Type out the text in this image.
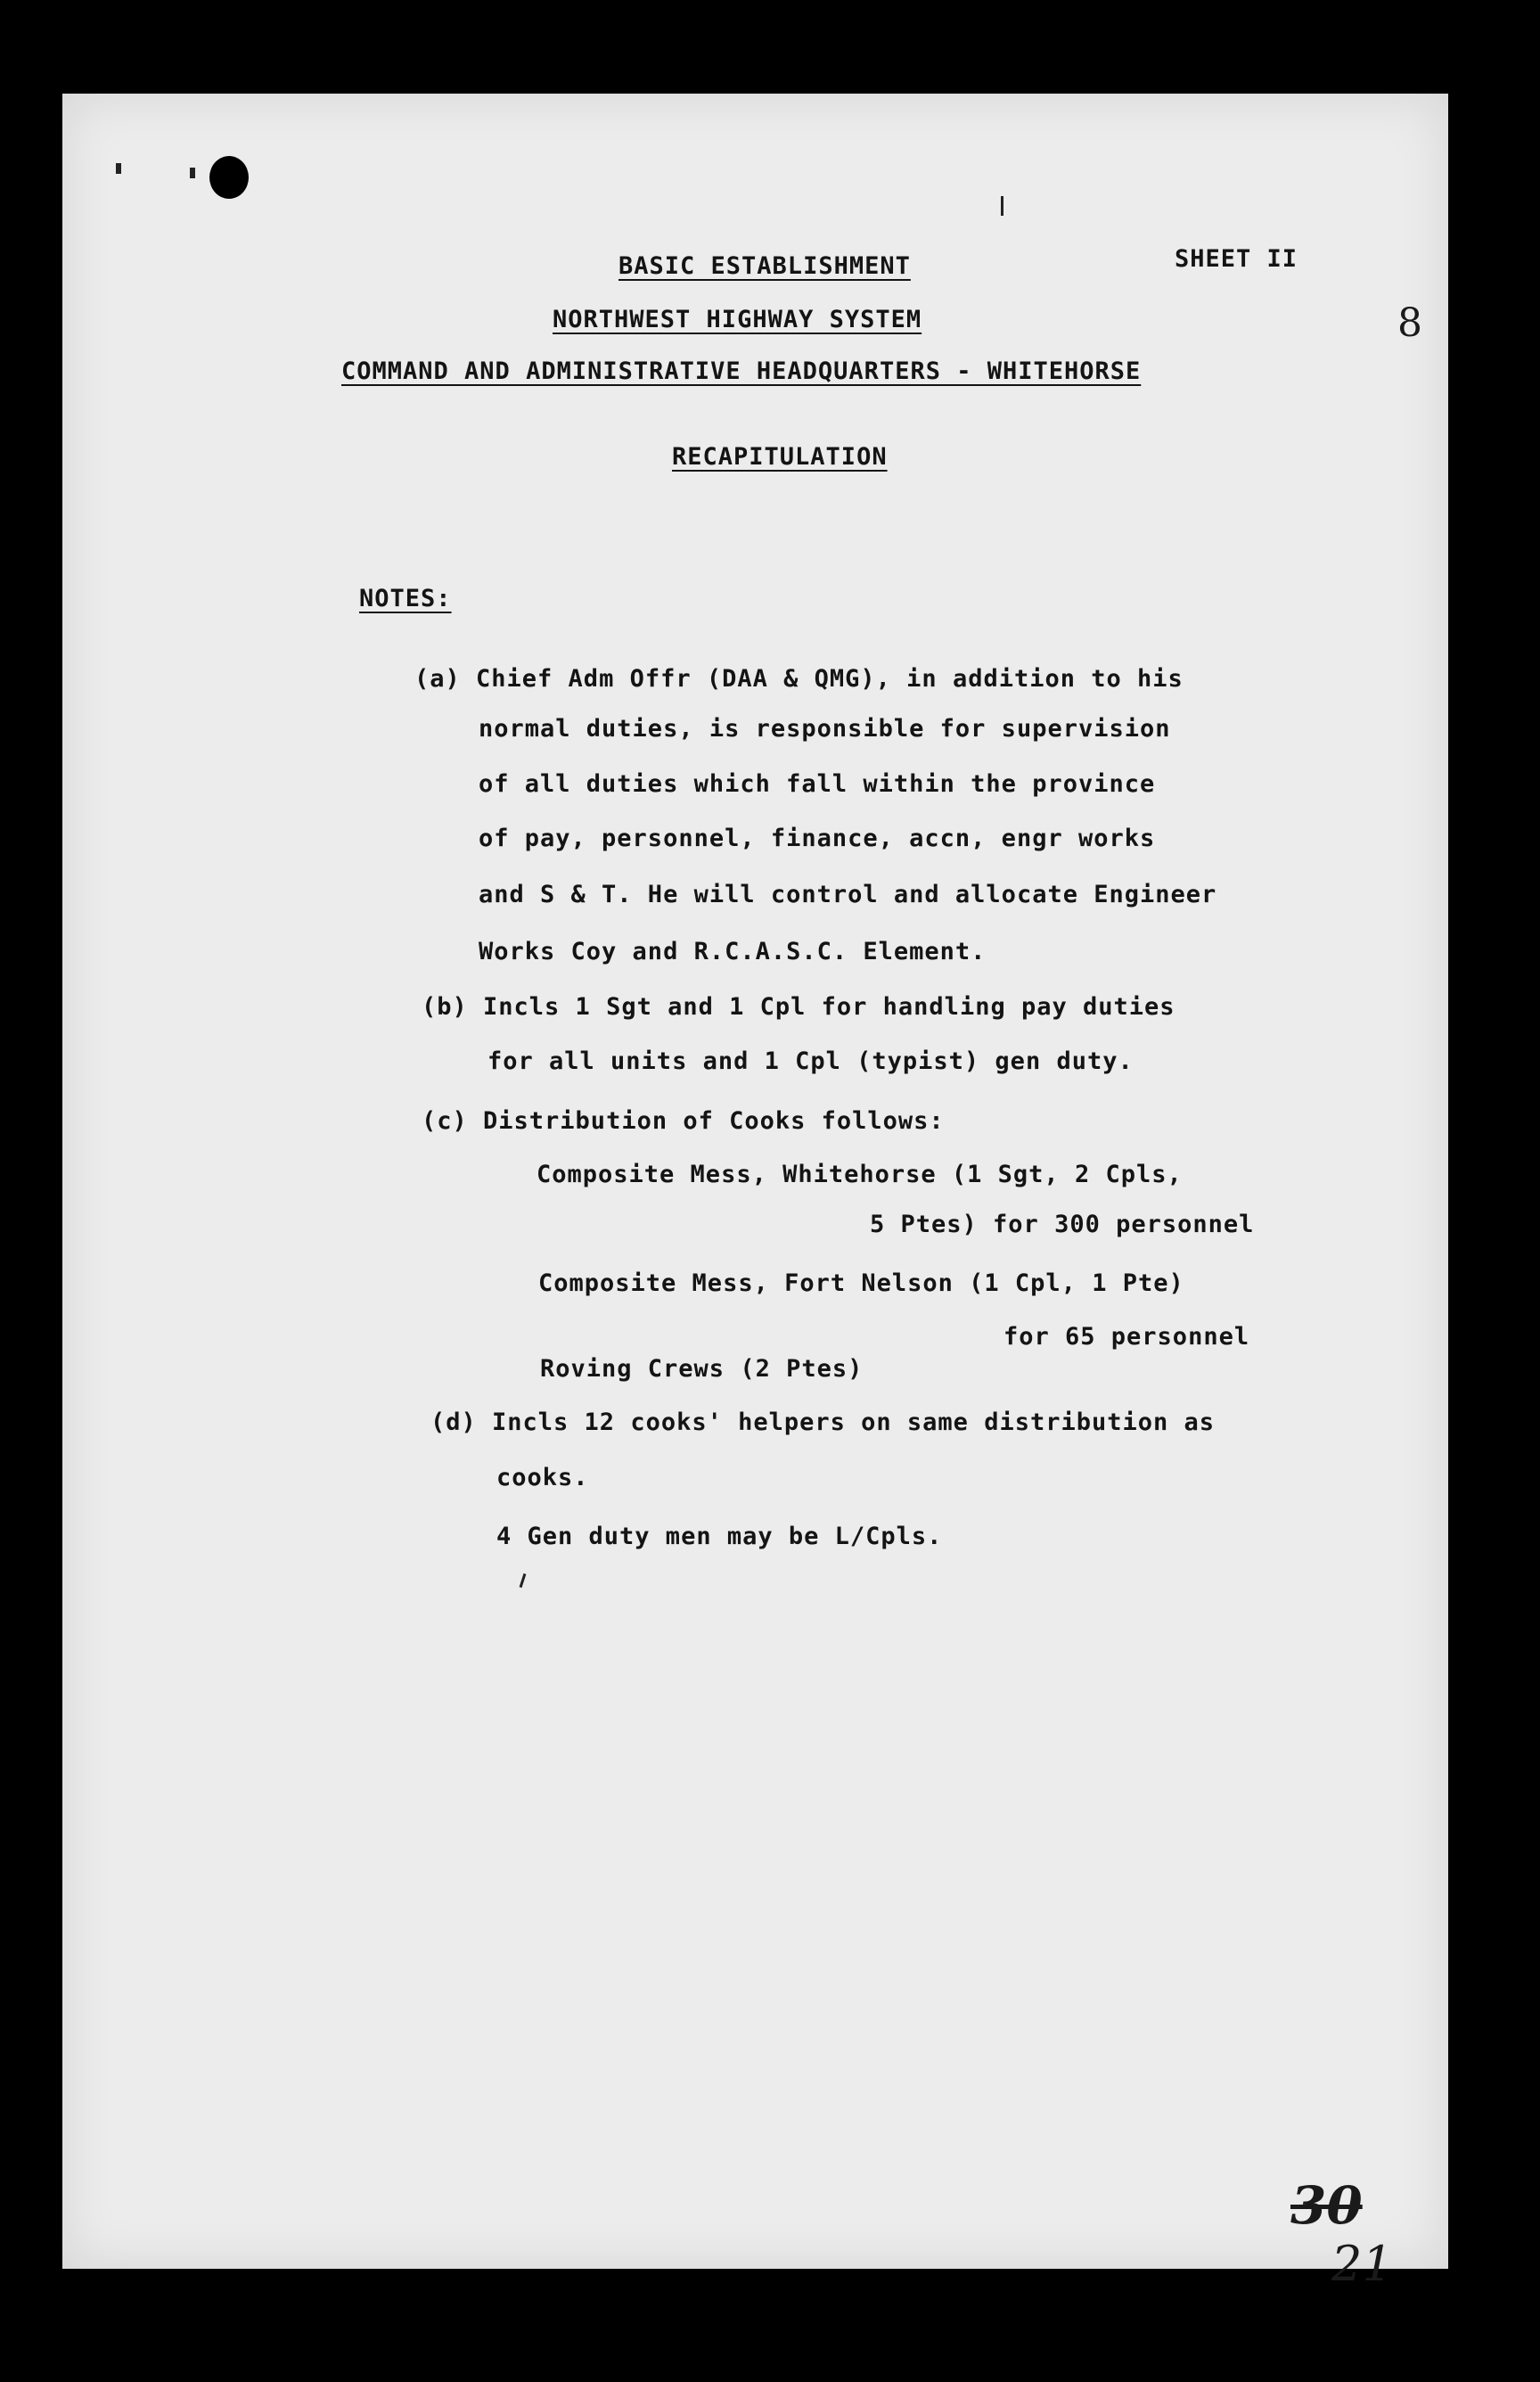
BASIC ESTABLISHMENT	SHEET II
8
NORTHWEST HIGHWAY SYSTEM
COMMAND AND ADMINISTRATIVE HEADQUARTERS - WHITEHORSE
RECAPITULATION
NOTES:
(a) Chief Adm Offr (DAA & QMG), in addition to his
normal duties, is responsible for supervision
of all duties which fall within the province
of pay, personnel, finance, accn, engr works
and S & T. He will control and allocate Engineer
Works Coy and R.C.A.S.C. Element.
(b) Incls 1 Sgt and 1 Cpl for handling pay duties
for all units and 1 Cpl (typist) gen duty.
(c) Distribution of Cooks follows:
Composite Mess, Whitehorse (1 Sgt, 2 Cpls,
5 Ptes) for 300 personnel
Composite Mess, Fort Nelson (1 Cpl, 1 Pte)
for 65 personnel
Roving Crews (2 Ptes)
(d) Incls 12 cooks' helpers on same distribution as
cooks.
4 Gen duty men may be L/Cpls.
30
21
